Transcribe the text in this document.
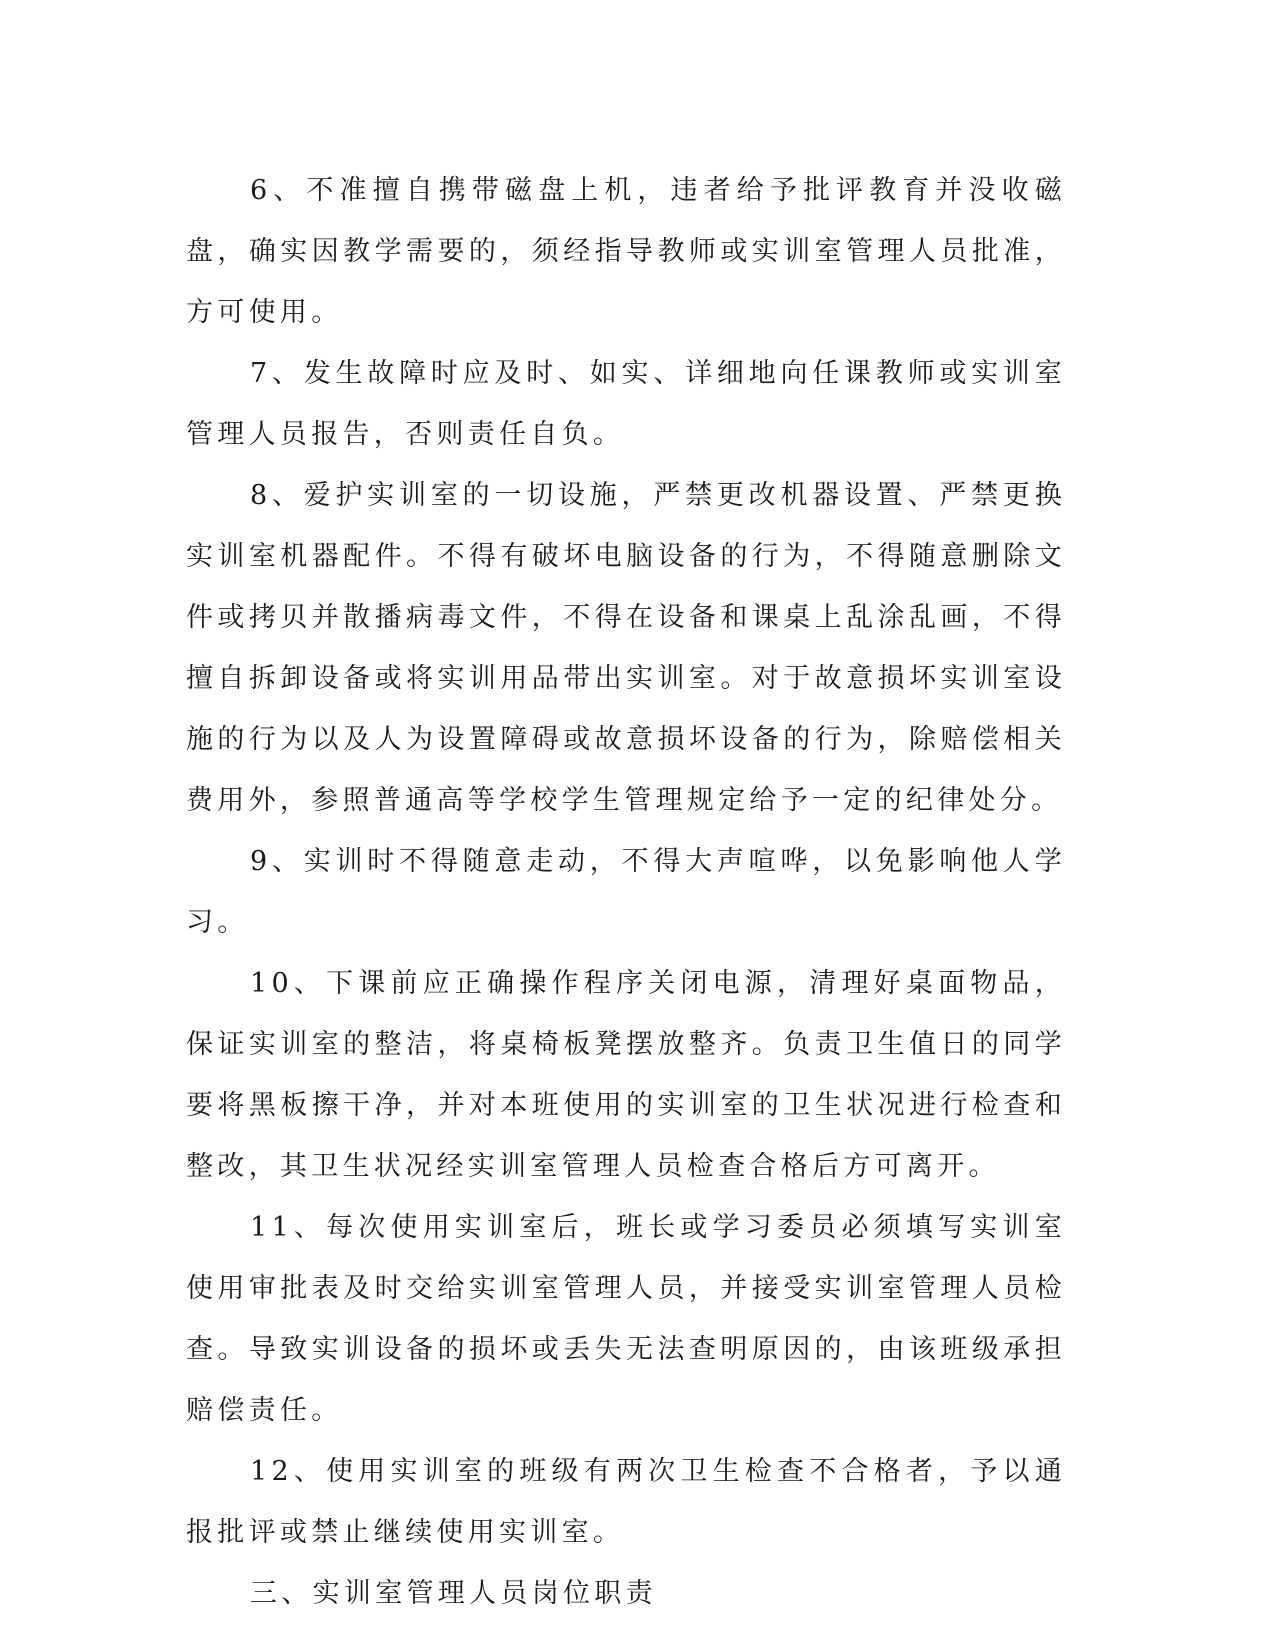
6、不准擅自携带磁盘上机，违者给予批评教育并没收磁盘，确实因教学需要的，须经指导教师或实训室管理人员批准，方可使用。

7、发生故障时应及时、如实、详细地向任课教师或实训室管理人员报告，否则责任自负。

8、爱护实训室的一切设施，严禁更改机器设置、严禁更换实训室机器配件。不得有破坏电脑设备的行为，不得随意删除文件或拷贝并散播病毒文件，不得在设备和课桌上乱涂乱画，不得擅自拆卸设备或将实训用品带出实训室。对于故意损坏实训室设施的行为以及人为设置障碍或故意损坏设备的行为，除赔偿相关费用外，参照普通高等学校学生管理规定给予一定的纪律处分。

9、实训时不得随意走动，不得大声喧哗，以免影响他人学习。

10、下课前应正确操作程序关闭电源，清理好桌面物品，保证实训室的整洁，将桌椅板凳摆放整齐。负责卫生值日的同学要将黑板擦干净，并对本班使用的实训室的卫生状况进行检查和整改，其卫生状况经实训室管理人员检查合格后方可离开。

11、每次使用实训室后，班长或学习委员必须填写实训室使用审批表及时交给实训室管理人员，并接受实训室管理人员检查。导致实训设备的损坏或丢失无法查明原因的，由该班级承担赔偿责任。

12、使用实训室的班级有两次卫生检查不合格者，予以通报批评或禁止继续使用实训室。

三、实训室管理人员岗位职责
